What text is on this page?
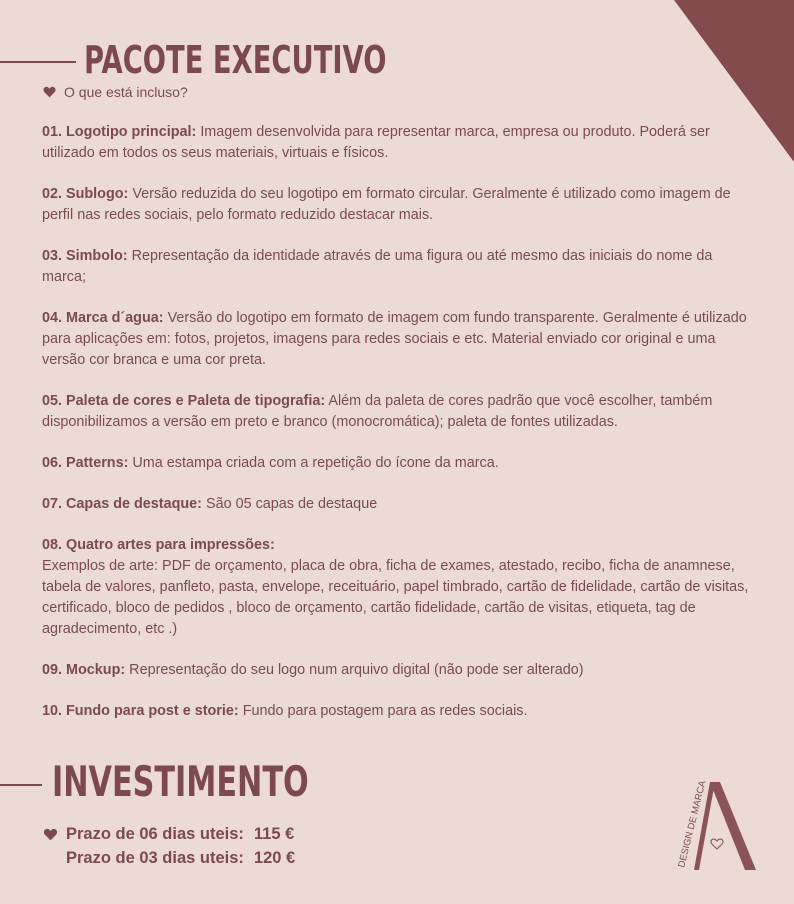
PACOTE EXECUTIVO
O que está incluso?
01. Logotipo principal: Imagem desenvolvida para representar marca, empresa ou produto. Poderá ser utilizado em todos os seus materiais, virtuais e físicos.
02. Sublogo: Versão reduzida do seu logotipo em formato circular. Geralmente é utilizado como imagem de perfil nas redes sociais, pelo formato reduzido destacar mais.
03. Simbolo: Representação da identidade através de uma figura ou até mesmo das iniciais do nome da marca;
04. Marca d´agua: Versão do logotipo em formato de imagem com fundo transparente. Geralmente é utilizado para aplicações em: fotos, projetos, imagens para redes sociais e etc. Material enviado cor original e uma versão cor branca e uma cor preta.
05. Paleta de cores e Paleta de tipografia: Além da paleta de cores padrão que você escolher, também disponibilizamos a versão em preto e branco (monocromática); paleta de fontes utilizadas.
06. Patterns: Uma estampa criada com a repetição do ícone da marca.
07. Capas de destaque: São 05 capas de destaque
08. Quatro artes para impressões:
Exemplos de arte: PDF de orçamento, placa de obra, ficha de exames, atestado, recibo, ficha de anamnese, tabela de valores, panfleto, pasta, envelope, receituário, papel timbrado, cartão de fidelidade, cartão de visitas, certificado, bloco de pedidos , bloco de orçamento, cartão fidelidade, cartão de visitas, etiqueta, tag de agradecimento, etc .)
09. Mockup: Representação do seu logo num arquivo digital (não pode ser alterado)
10. Fundo para post e storie: Fundo para postagem para as redes sociais.
INVESTIMENTO
Prazo de 06 dias uteis: 115 €
Prazo de 03 dias uteis: 120 €	DESIGN DE MARCA
